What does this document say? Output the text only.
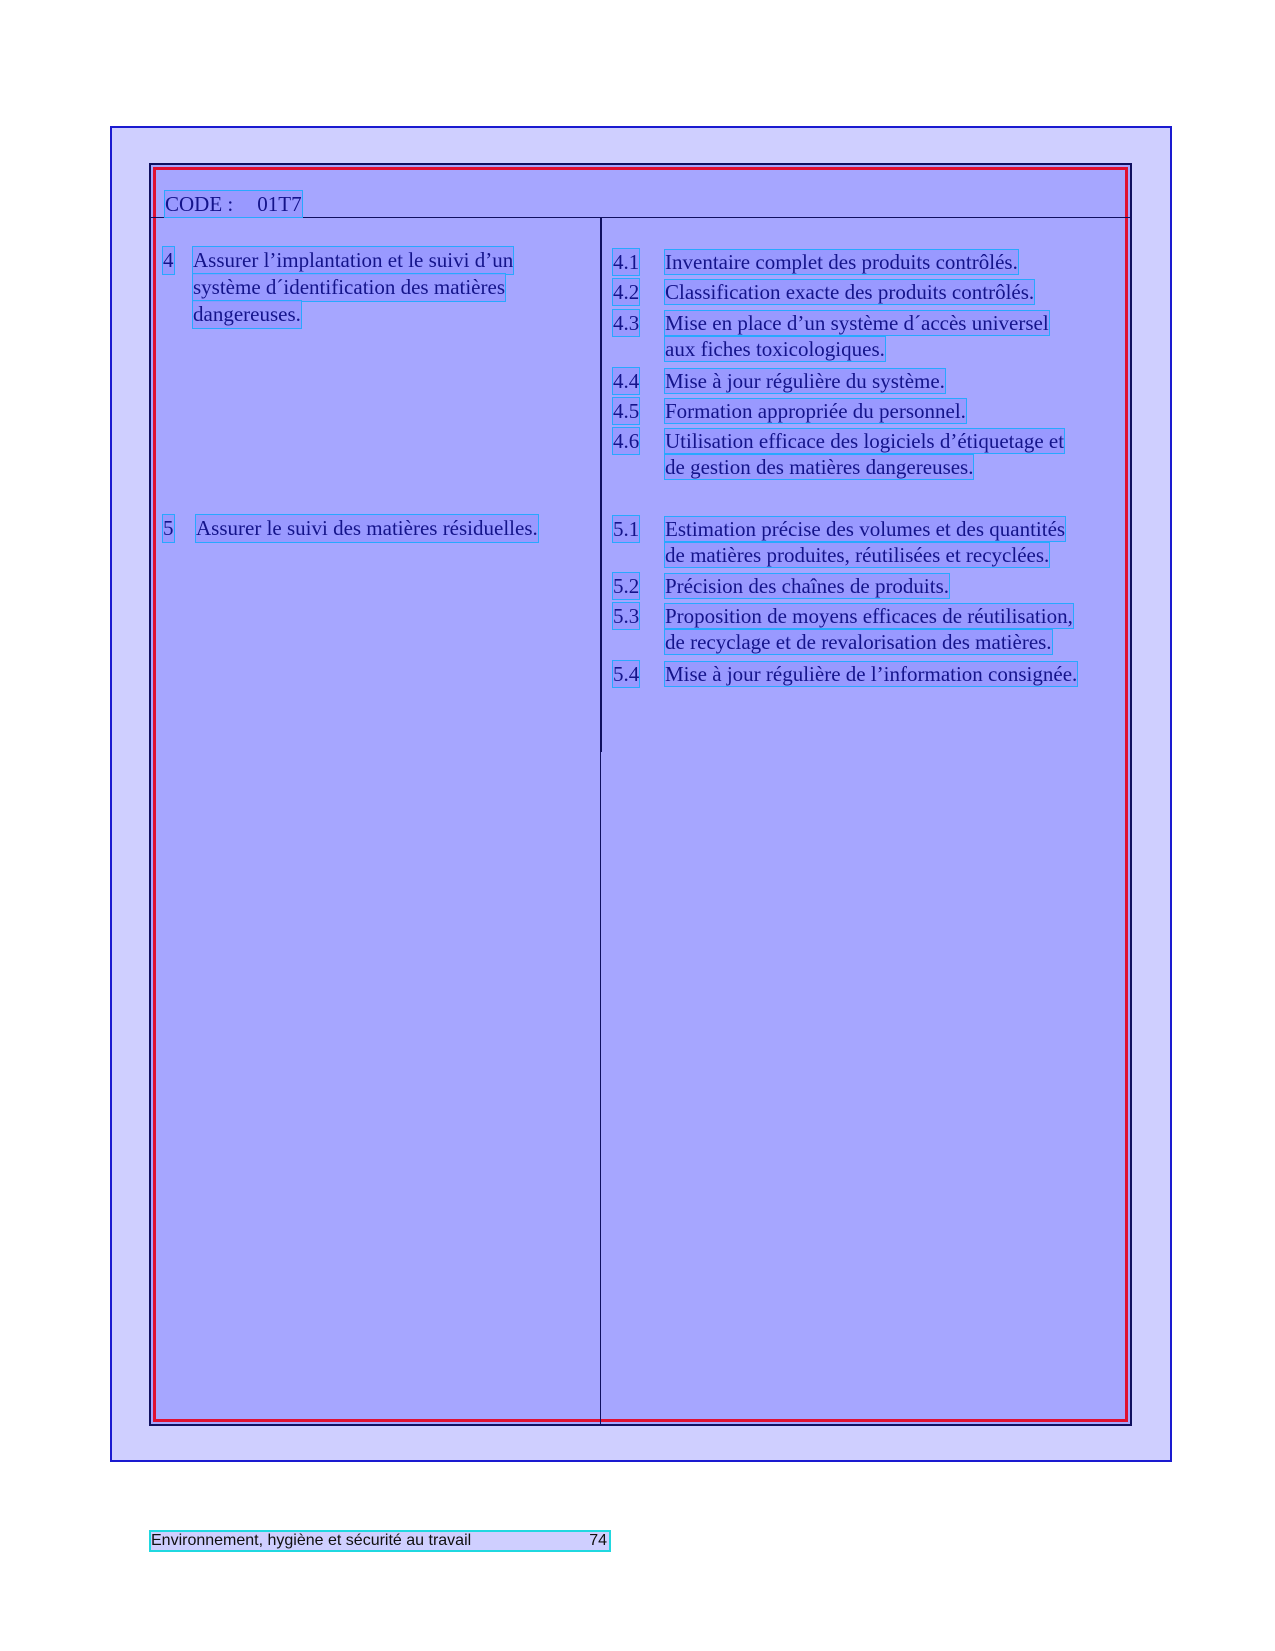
CODE : 01T7
4 Assurer l’implantation et le suivi d’un
système d´identification des matières
dangereuses.
5 Assurer le suivi des matières résiduelles.
4.1 Inventaire complet des produits contrôlés.
4.2 Classification exacte des produits contrôlés.
4.3 Mise en place d’un système d´accès universel
aux fiches toxicologiques.
4.4 Mise à jour régulière du système.
4.5 Formation appropriée du personnel.
4.6 Utilisation efficace des logiciels d’étiquetage et
de gestion des matières dangereuses.
5.1 Estimation précise des volumes et des quantités
de matières produites, réutilisées et recyclées.
5.2 Précision des chaînes de produits.
5.3 Proposition de moyens efficaces de réutilisation,
de recyclage et de revalorisation des matières.
5.4 Mise à jour régulière de l’information consignée.
Environnement, hygiène et sécurité au travail	74
